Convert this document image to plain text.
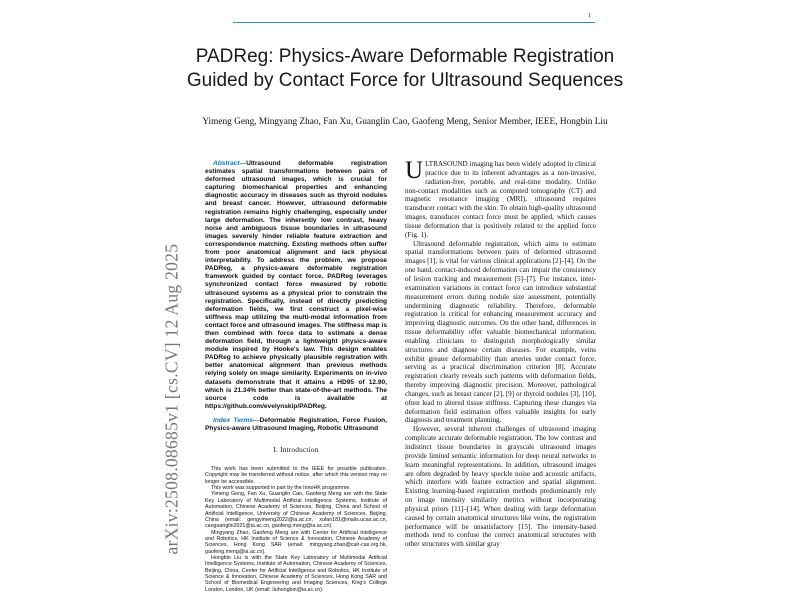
1
arXiv:2508.08685v1 [cs.CV] 12 Aug 2025
PADReg: Physics-Aware Deformable Registration Guided by Contact Force for Ultrasound Sequences
Yimeng Geng, Mingyang Zhao, Fan Xu, Guanglin Cao, Gaofeng Meng, Senior Member, IEEE, Hongbin Liu

Abstract—Ultrasound deformable registration estimates spatial transformations between pairs of deformed ultrasound images, which is crucial for capturing biomechanical properties and enhancing diagnostic accuracy in diseases such as thyroid nodules and breast cancer. However, ultrasound deformable registration remains highly challenging, especially under large deformation. The inherently low contrast, heavy noise and ambiguous tissue boundaries in ultrasound images severely hinder reliable feature extraction and correspondence matching. Existing methods often suffer from poor anatomical alignment and lack physical interpretability. To address the problem, we propose PADReg, a physics-aware deformable registration framework guided by contact force. PADReg leverages synchronized contact force measured by robotic ultrasound systems as a physical prior to constrain the registration. Specifically, instead of directly predicting deformation fields, we first construct a pixel-wise stiffness map utilizing the multi-modal information from contact force and ultrasound images. The stiffness map is then combined with force data to estimate a dense deformation field, through a lightweight physics-aware module inspired by Hooke's law. This design enables PADReg to achieve physically plausible registration with better anatomical alignment than previous methods relying solely on image similarity. Experiments on in-vivo datasets demonstrate that it attains a HD95 of 12.90, which is 21.34% better than state-of-the-art methods. The source code is available at https://github.com/evelynskip/PADReg.

Index Terms—Deformable Registration, Force Fusion, Physics-aware Ultrasound Imaging, Robotic Ultrasound

I. Introduction

This work has been submitted to the IEEE for possible publication. Copyright may be transferred without notice, after which this version may no longer be accessible.

This work was supported in part by the InnoHK programme.

Yimeng Geng, Fan Xu, Guanglin Cao, Gaofeng Meng are with the State Key Laboratory of Multimodal Artificial Intelligence Systems, Institute of Automation, Chinese Academy of Sciences, Beijing, China and School of Artificial Intelligence, University of Chinese Academy of Sciences, Beijing, China (email: gengyimeng2022@ia.ac.cn, xufan181@mails.ucas.ac.cn, caoguanglin2021@ia.ac.cn, gaofeng.meng@ia.ac.cn).

Mingyang Zhao, Gaofeng Meng are with Center for Artificial Intelligence and Robotics, HK Institute of Science & Innovation, Chinese Academy of Sciences, Hong Kong SAR (email: mingyang.zhao@cair-cas.org.hk, gaofeng.meng@ia.ac.cn).

Hongbin Liu is with the State Key Laboratory of Multimodal Artificial Intelligence Systems, Institute of Automation, Chinese Academy of Sciences, Beijing, China, Center for Artificial Intelligence and Robotics, HK Institute of Science & Innovation, Chinese Academy of Sciences, Hong Kong SAR and School of Biomedical Engineering and Imaging Sciences, King's College London, London, UK (email: liuhongbin@ia.ac.cn).

ULTRASOUND imaging has been widely adopted in clinical practice due to its inherent advantages as a non-invasive, radiation-free, portable, and real-time modality. Unlike non-contact modalities such as computed tomography (CT) and magnetic resonance imaging (MRI), ultrasound requires transducer contact with the skin. To obtain high-quality ultrasound images, transducer contact force must be applied, which causes tissue deformation that is positively related to the applied force (Fig. 1).

Ultrasound deformable registration, which aims to estimate spatial transformations between pairs of deformed ultrasound images [1], is vital for various clinical applications [2]–[4]. On the one hand, contact-induced deformation can impair the consistency of lesion tracking and measurement [5]–[7]. For instance, inter-examination variations in contact force can introduce substantial measurement errors during nodule size assessment, potentially undermining diagnostic reliability. Therefore, deformable registration is critical for enhancing measurement accuracy and improving diagnostic outcomes. On the other hand, differences in tissue deformability offer valuable biomechanical information, enabling clinicians to distinguish morphologically similar structures and diagnose certain diseases. For example, veins exhibit greater deformability than arteries under contact force, serving as a practical discrimination criterion [8]. Accurate registration clearly reveals such patterns with deformation fields, thereby improving diagnostic precision. Moreover, pathological changes, such as breast cancer [2], [9] or thyroid nodules [3], [10], often lead to altered tissue stiffness. Capturing these changes via deformation field estimation offers valuable insights for early diagnosis and treatment planning.

However, several inherent challenges of ultrasound imaging complicate accurate deformable registration. The low contrast and indistinct tissue boundaries in grayscale ultrasound images provide limited semantic information for deep neural networks to learn meaningful representations. In addition, ultrasound images are often degraded by heavy speckle noise and acoustic artifacts, which interfere with feature extraction and spatial alignment. Existing learning-based registration methods predominantly rely on image intensity similarity metrics without incorporating physical priors [11]–[14]. When dealing with large deformation caused by certain anatomical structures like veins, the registration performance will be unsatisfactory [15]. The intensity-based methods tend to confuse the correct anatomical structures with other structures with similar gray
